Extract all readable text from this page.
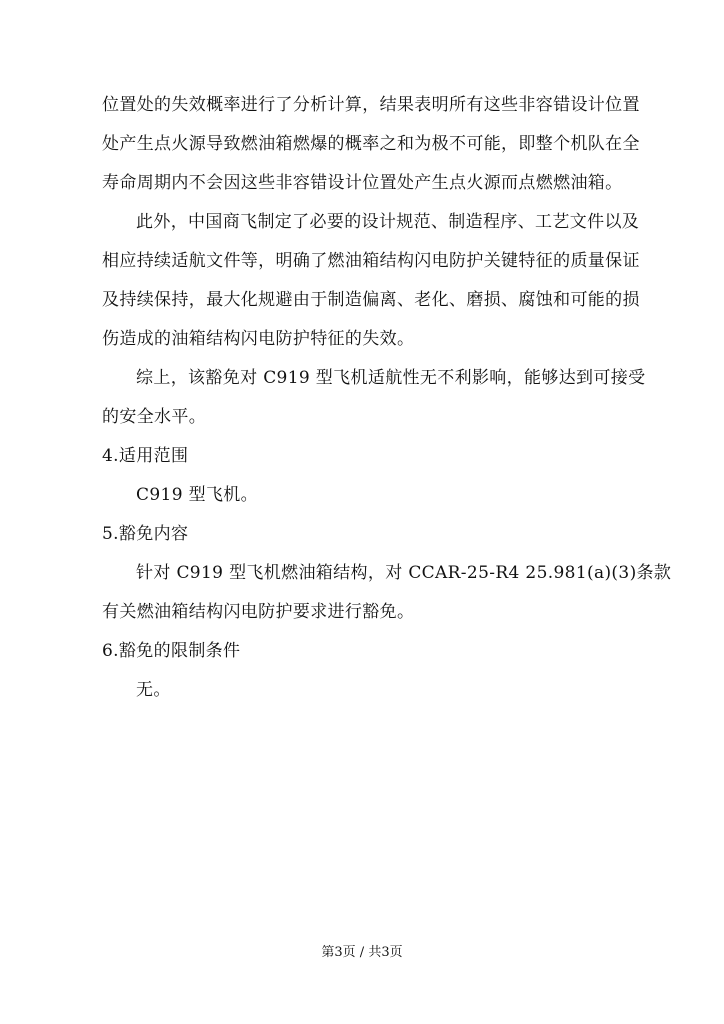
位置处的失效概率进行了分析计算，结果表明所有这些非容错设计位置
处产生点火源导致燃油箱燃爆的概率之和为极不可能，即整个机队在全
寿命周期内不会因这些非容错设计位置处产生点火源而点燃燃油箱。
此外，中国商飞制定了必要的设计规范、制造程序、工艺文件以及
相应持续适航文件等，明确了燃油箱结构闪电防护关键特征的质量保证
及持续保持，最大化规避由于制造偏离、老化、磨损、腐蚀和可能的损
伤造成的油箱结构闪电防护特征的失效。
综上，该豁免对 C919 型飞机适航性无不利影响，能够达到可接受
的安全水平。
4.适用范围
C919 型飞机。
5.豁免内容
针对 C919 型飞机燃油箱结构，对 CCAR-25-R4 25.981(a)(3)条款
有关燃油箱结构闪电防护要求进行豁免。
6.豁免的限制条件
无。
第3页 / 共3页
